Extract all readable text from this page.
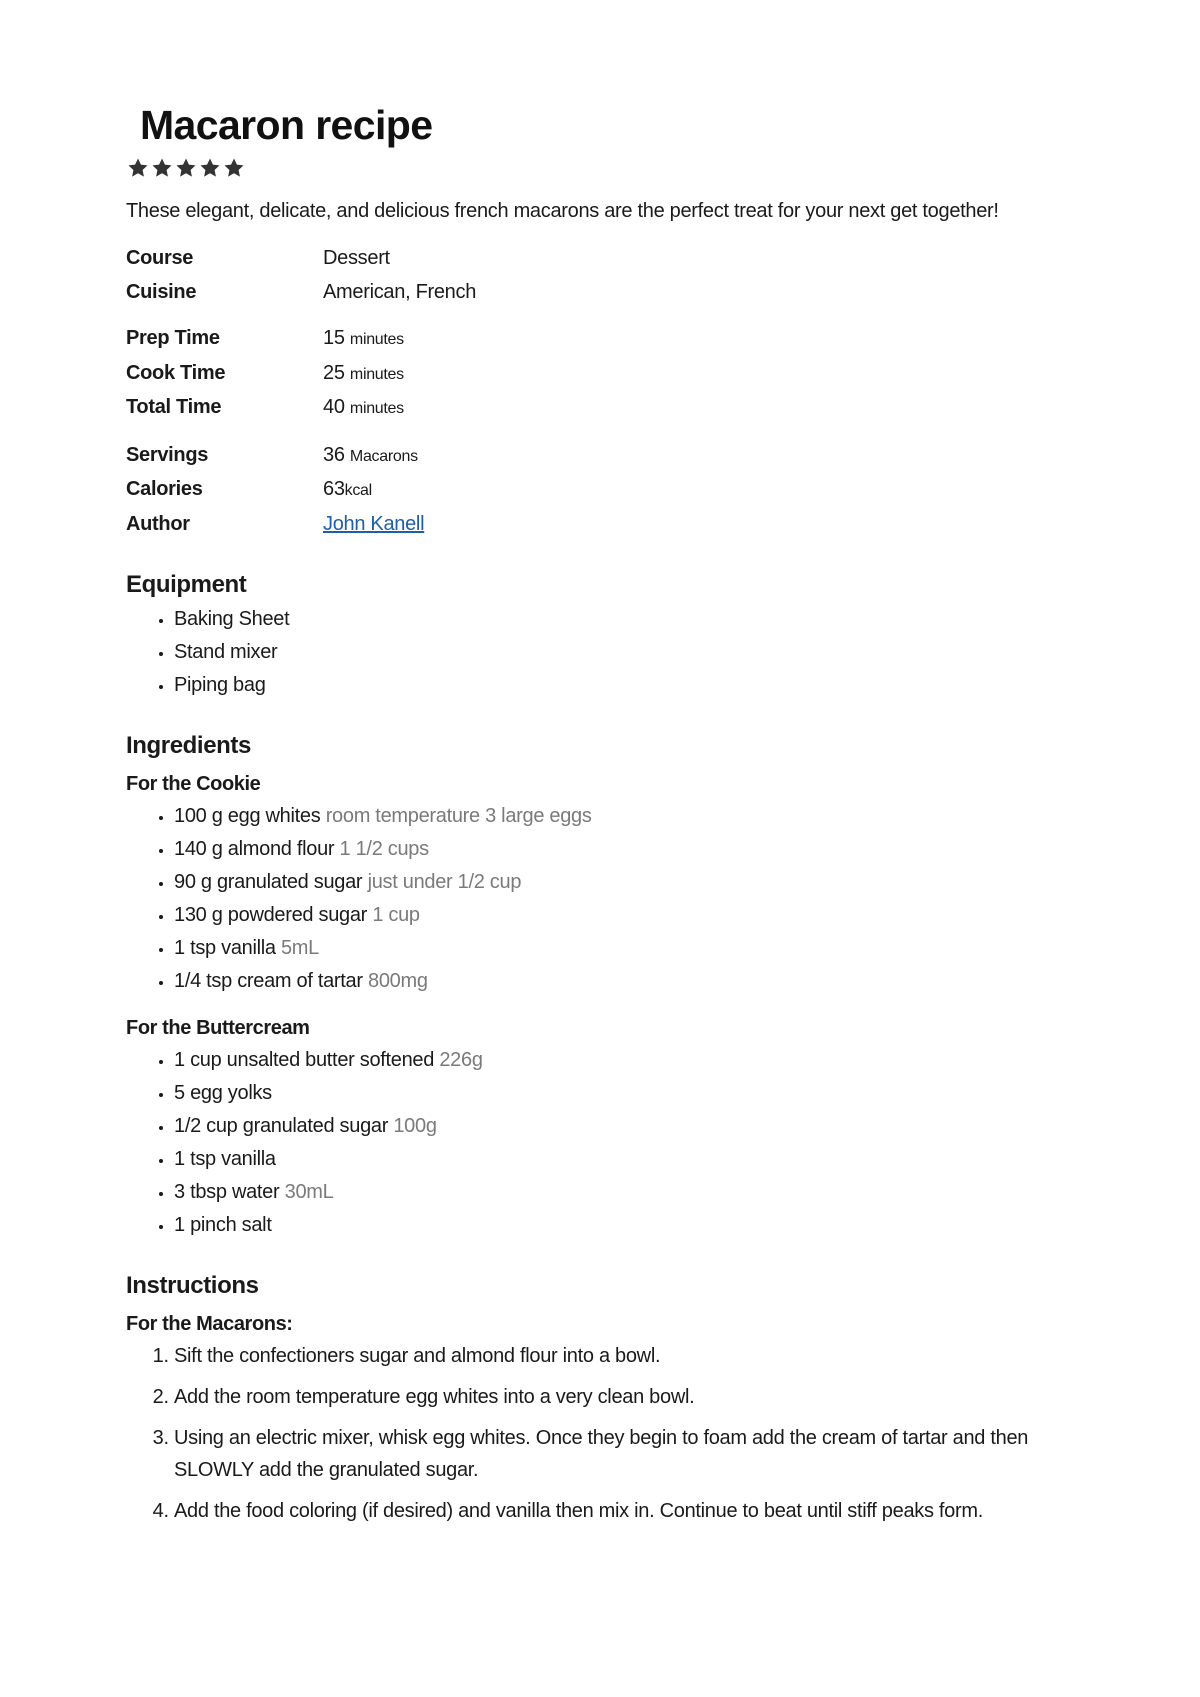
Macaron recipe
These elegant, delicate, and delicious french macarons are the perfect treat for your next get together!
Course	Dessert
Cuisine	American, French
Prep Time	15 minutes
Cook Time	25 minutes
Total Time	40 minutes
Servings	36 Macarons
Calories	63kcal
Author	John Kanell
Equipment
• Baking Sheet
• Stand mixer
• Piping bag
Ingredients
For the Cookie
• 100 g egg whites room temperature 3 large eggs
• 140 g almond flour 1 1/2 cups
• 90 g granulated sugar just under 1/2 cup
• 130 g powdered sugar 1 cup
• 1 tsp vanilla 5mL
• 1/4 tsp cream of tartar 800mg
For the Buttercream
• 1 cup unsalted butter softened 226g
• 5 egg yolks
• 1/2 cup granulated sugar 100g
• 1 tsp vanilla
• 3 tbsp water 30mL
• 1 pinch salt
Instructions
For the Macarons:
1. Sift the confectioners sugar and almond flour into a bowl.
2. Add the room temperature egg whites into a very clean bowl.
3. Using an electric mixer, whisk egg whites. Once they begin to foam add the cream of tartar and then SLOWLY add the granulated sugar.
4. Add the food coloring (if desired) and vanilla then mix in. Continue to beat until stiff peaks form.
